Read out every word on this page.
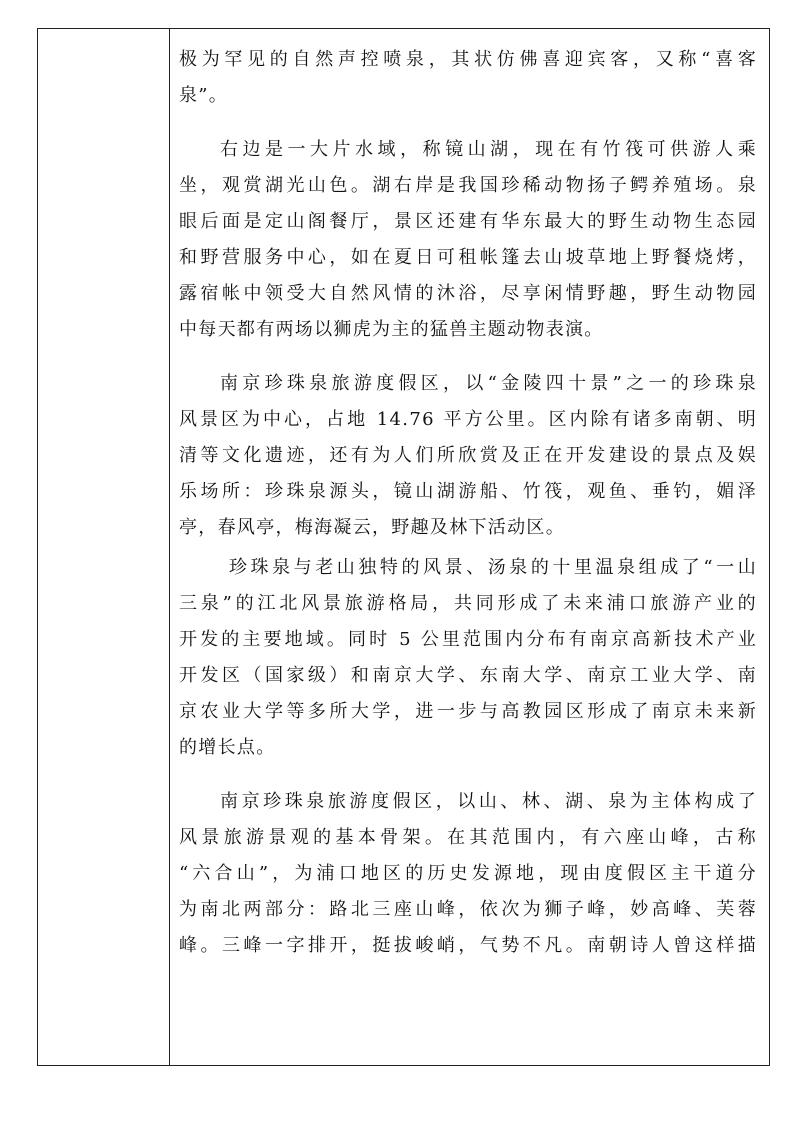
极为罕见的自然声控喷泉，其状仿佛喜迎宾客，又称“喜客
泉”。
右边是一大片水域，称镜山湖，现在有竹筏可供游人乘
坐，观赏湖光山色。湖右岸是我国珍稀动物扬子鳄养殖场。泉
眼后面是定山阁餐厅，景区还建有华东最大的野生动物生态园
和野营服务中心，如在夏日可租帐篷去山坡草地上野餐烧烤，
露宿帐中领受大自然风情的沐浴，尽享闲情野趣，野生动物园
中每天都有两场以狮虎为主的猛兽主题动物表演。
南京珍珠泉旅游度假区，以“金陵四十景”之一的珍珠泉
风景区为中心，占地 14.76 平方公里。区内除有诸多南朝、明
清等文化遗迹，还有为人们所欣赏及正在开发建设的景点及娱
乐场所：珍珠泉源头，镜山湖游船、竹筏，观鱼、垂钓，媚泽
亭，春风亭，梅海凝云，野趣及林下活动区。
珍珠泉与老山独特的风景、汤泉的十里温泉组成了“一山
三泉”的江北风景旅游格局，共同形成了未来浦口旅游产业的
开发的主要地域。同时 5 公里范围内分布有南京高新技术产业
开发区（国家级）和南京大学、东南大学、南京工业大学、南
京农业大学等多所大学，进一步与高教园区形成了南京未来新
的增长点。
南京珍珠泉旅游度假区，以山、林、湖、泉为主体构成了
风景旅游景观的基本骨架。在其范围内，有六座山峰，古称
“六合山”，为浦口地区的历史发源地，现由度假区主干道分
为南北两部分：路北三座山峰，依次为狮子峰，妙高峰、芙蓉
峰。三峰一字排开，挺拔峻峭，气势不凡。南朝诗人曾这样描
